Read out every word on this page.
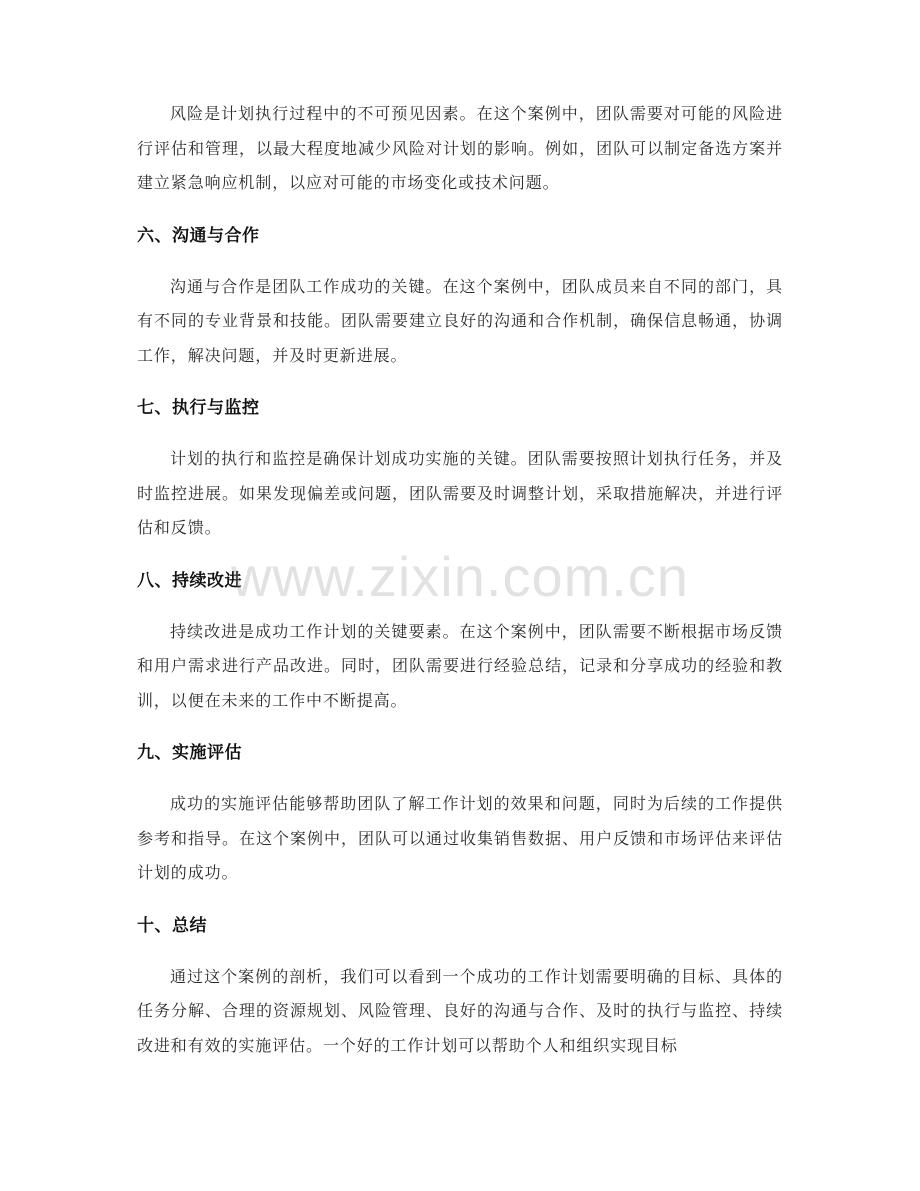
风险是计划执行过程中的不可预见因素。在这个案例中，团队需要对可能的风险进行评估和管理，以最大程度地减少风险对计划的影响。例如，团队可以制定备选方案并建立紧急响应机制，以应对可能的市场变化或技术问题。

六、沟通与合作

沟通与合作是团队工作成功的关键。在这个案例中，团队成员来自不同的部门，具有不同的专业背景和技能。团队需要建立良好的沟通和合作机制，确保信息畅通，协调工作，解决问题，并及时更新进展。

七、执行与监控

计划的执行和监控是确保计划成功实施的关键。团队需要按照计划执行任务，并及时监控进展。如果发现偏差或问题，团队需要及时调整计划，采取措施解决，并进行评估和反馈。

八、持续改进

持续改进是成功工作计划的关键要素。在这个案例中，团队需要不断根据市场反馈和用户需求进行产品改进。同时，团队需要进行经验总结，记录和分享成功的经验和教训，以便在未来的工作中不断提高。

九、实施评估

成功的实施评估能够帮助团队了解工作计划的效果和问题，同时为后续的工作提供参考和指导。在这个案例中，团队可以通过收集销售数据、用户反馈和市场评估来评估计划的成功。

十、总结

通过这个案例的剖析，我们可以看到一个成功的工作计划需要明确的目标、具体的任务分解、合理的资源规划、风险管理、良好的沟通与合作、及时的执行与监控、持续改进和有效的实施评估。一个好的工作计划可以帮助个人和组织实现目标

www.zixin.com.cn
